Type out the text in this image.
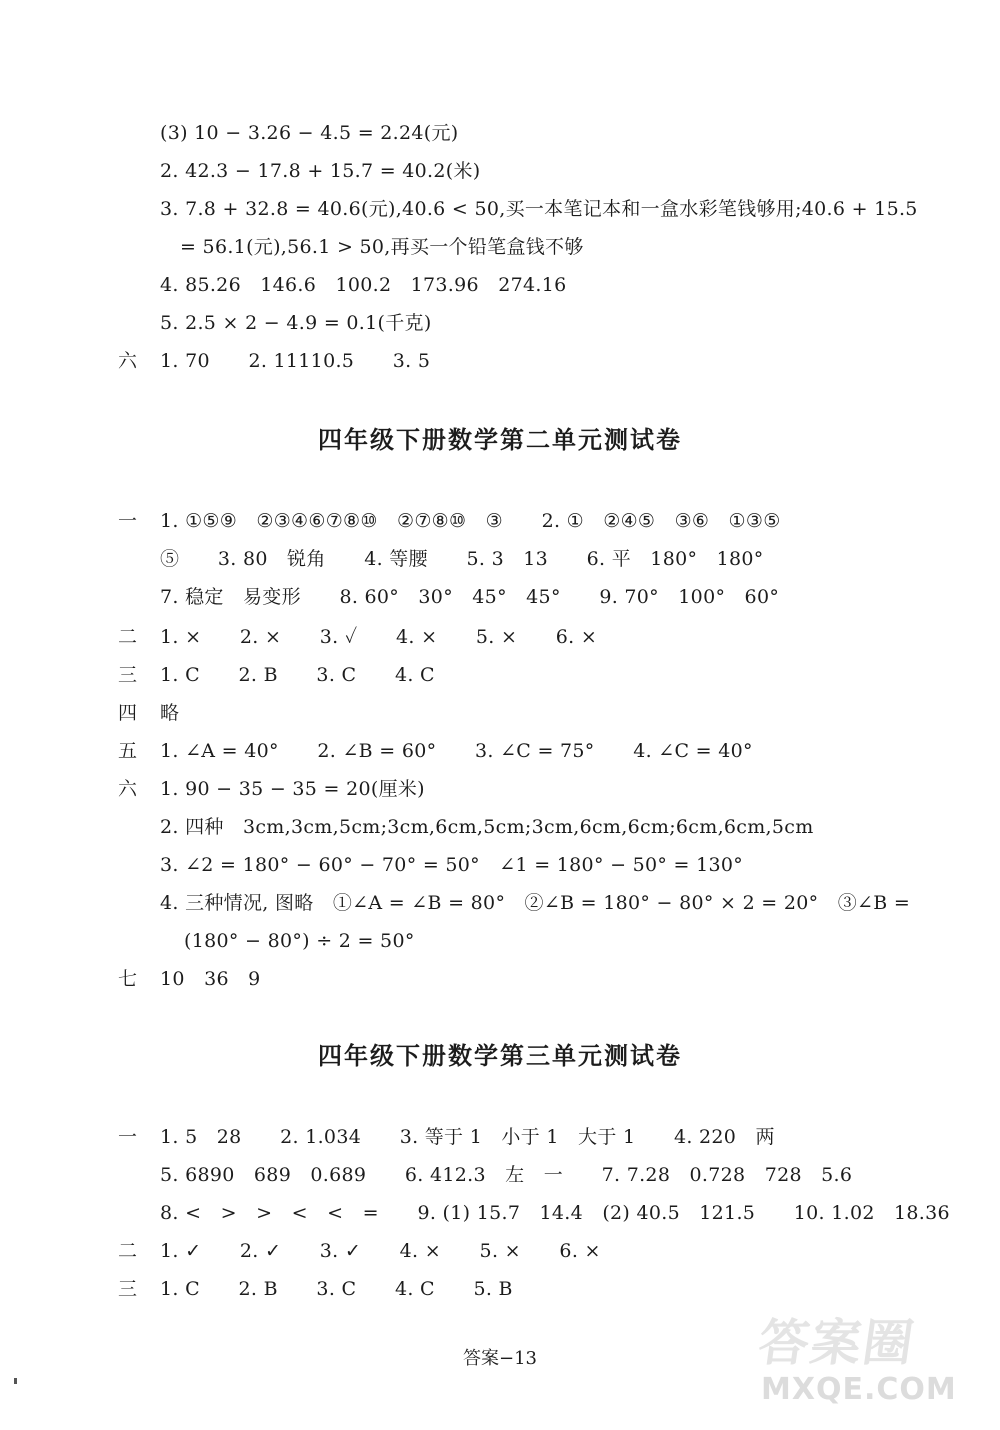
(3) 10 − 3.26 − 4.5 = 2.24(元)
2. 42.3 − 17.8 + 15.7 = 40.2(米)
3. 7.8 + 32.8 = 40.6(元),40.6 < 50,买一本笔记本和一盒水彩笔钱够用;40.6 + 15.5
= 56.1(元),56.1 > 50,再买一个铅笔盒钱不够
4. 85.26　146.6　100.2　173.96　274.16
5. 2.5 × 2 − 4.9 = 0.1(千克)
六 1. 70　　2. 11110.5　　3. 5
四年级下册数学第二单元测试卷
一 1. ①⑤⑨　②③④⑥⑦⑧⑩　②⑦⑧⑩　③　　2. ①　②④⑤　③⑥　①③⑤
⑤　　3. 80　锐角　　4. 等腰　　5. 3　13　　6. 平　180°　180°
7. 稳定　易变形　　8. 60°　30°　45°　45°　　9. 70°　100°　60°
二 1. ×　　2. ×　　3. ✓　　4. ×　　5. ×　　6. ×
三 1. C　　2. B　　3. C　　4. C
四 略
五 1. ∠A = 40°　　2. ∠B = 60°　　3. ∠C = 75°　　4. ∠C = 40°
六 1. 90 − 35 − 35 = 20(厘米)
2. 四种　3cm,3cm,5cm;3cm,6cm,5cm;3cm,6cm,6cm;6cm,6cm,5cm
3. ∠2 = 180° − 60° − 70° = 50°　∠1 = 180° − 50° = 130°
4. 三种情况, 图略　①∠A = ∠B = 80°　②∠B = 180° − 80° × 2 = 20°　③∠B =
(180° − 80°) ÷ 2 = 50°
七 10　36　9
四年级下册数学第三单元测试卷
一 1. 5　28　　2. 1.034　　3. 等于 1　小于 1　大于 1　　4. 220　两
5. 6890　689　0.689　　6. 412.3　左　一　　7. 7.28　0.728　728　5.6
8. <　>　>　<　<　=　　9. (1) 15.7　14.4　(2) 40.5　121.5　　10. 1.02　18.36
二 1. ✓　　2. ✓　　3. ✓　　4. ×　　5. ×　　6. ×
三 1. C　　2. B　　3. C　　4. C　　5. B
答案−13	答案圈
MXQE.COM
